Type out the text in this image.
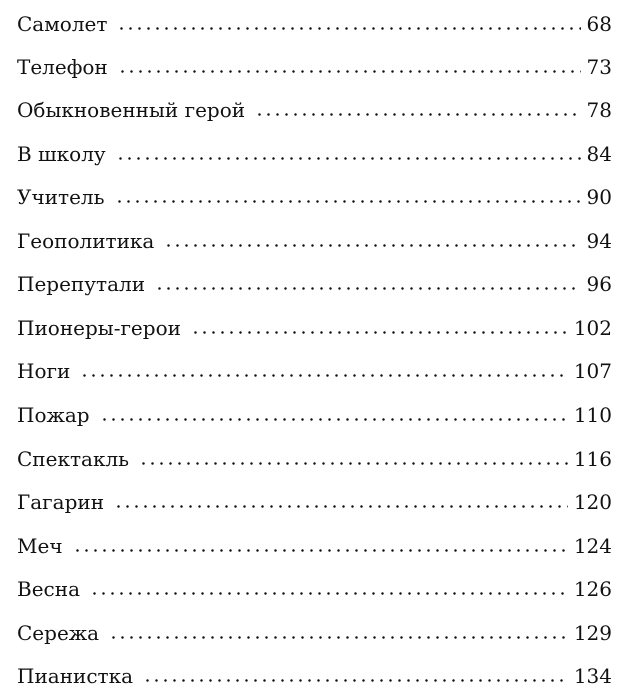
Самолет	68
Телефон	73
Обыкновенный герой	78
В школу	84
Учитель	90
Геополитика	94
Перепутали	96
Пионеры-герои	102
Ноги	107
Пожар	110
Спектакль	116
Гагарин	120
Меч	124
Весна	126
Сережа	129
Пианистка	134
